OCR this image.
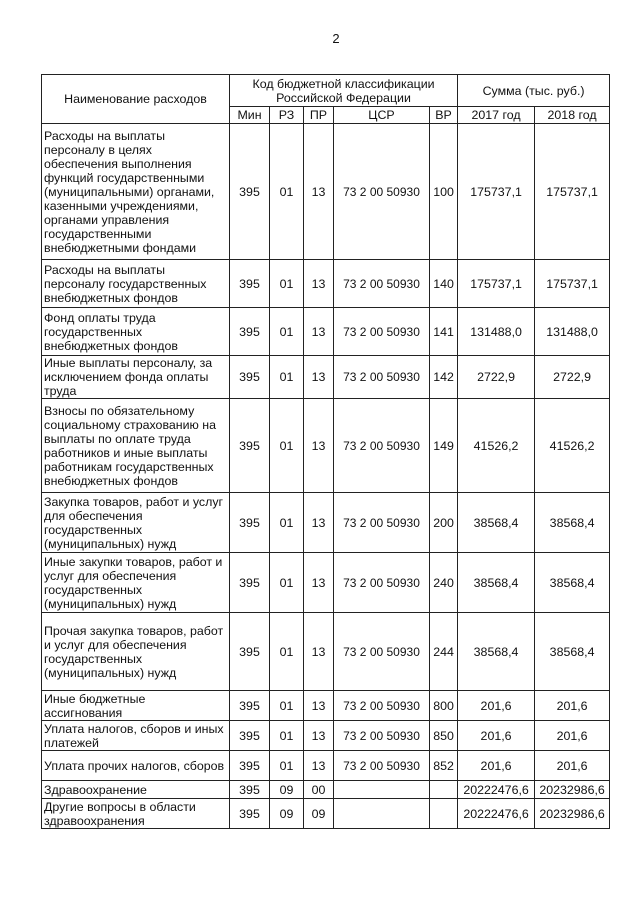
2
Наименование расходов	Код бюджетной классификации Российской Федерации					Сумма (тыс. руб.)	
	Мин	РЗ	ПР	ЦСР	ВР	2017 год	2018 год
Расходы на выплаты персоналу в целях обеспечения выполнения функций государственными (муниципальными) органами, казенными учреждениями, органами управления государственными внебюджетными фондами	395	01	13	73 2 00 50930	100	175737,1	175737,1
Расходы на выплаты персоналу государственных внебюджетных фондов	395	01	13	73 2 00 50930	140	175737,1	175737,1
Фонд оплаты труда государственных внебюджетных фондов	395	01	13	73 2 00 50930	141	131488,0	131488,0
Иные выплаты персоналу, за исключением фонда оплаты труда	395	01	13	73 2 00 50930	142	2722,9	2722,9
Взносы по обязательному социальному страхованию на выплаты по оплате труда работников и иные выплаты работникам государственных внебюджетных фондов	395	01	13	73 2 00 50930	149	41526,2	41526,2
Закупка товаров, работ и услуг для обеспечения государственных (муниципальных) нужд	395	01	13	73 2 00 50930	200	38568,4	38568,4
Иные закупки товаров, работ и услуг для обеспечения государственных (муниципальных) нужд	395	01	13	73 2 00 50930	240	38568,4	38568,4
Прочая закупка товаров, работ и услуг для обеспечения государственных (муниципальных) нужд	395	01	13	73 2 00 50930	244	38568,4	38568,4
Иные бюджетные ассигнования	395	01	13	73 2 00 50930	800	201,6	201,6
Уплата налогов, сборов и иных платежей	395	01	13	73 2 00 50930	850	201,6	201,6
Уплата прочих налогов, сборов	395	01	13	73 2 00 50930	852	201,6	201,6
Здравоохранение	395	09	00			20222476,6	20232986,6
Другие вопросы в области здравоохранения	395	09	09			20222476,6	20232986,6
